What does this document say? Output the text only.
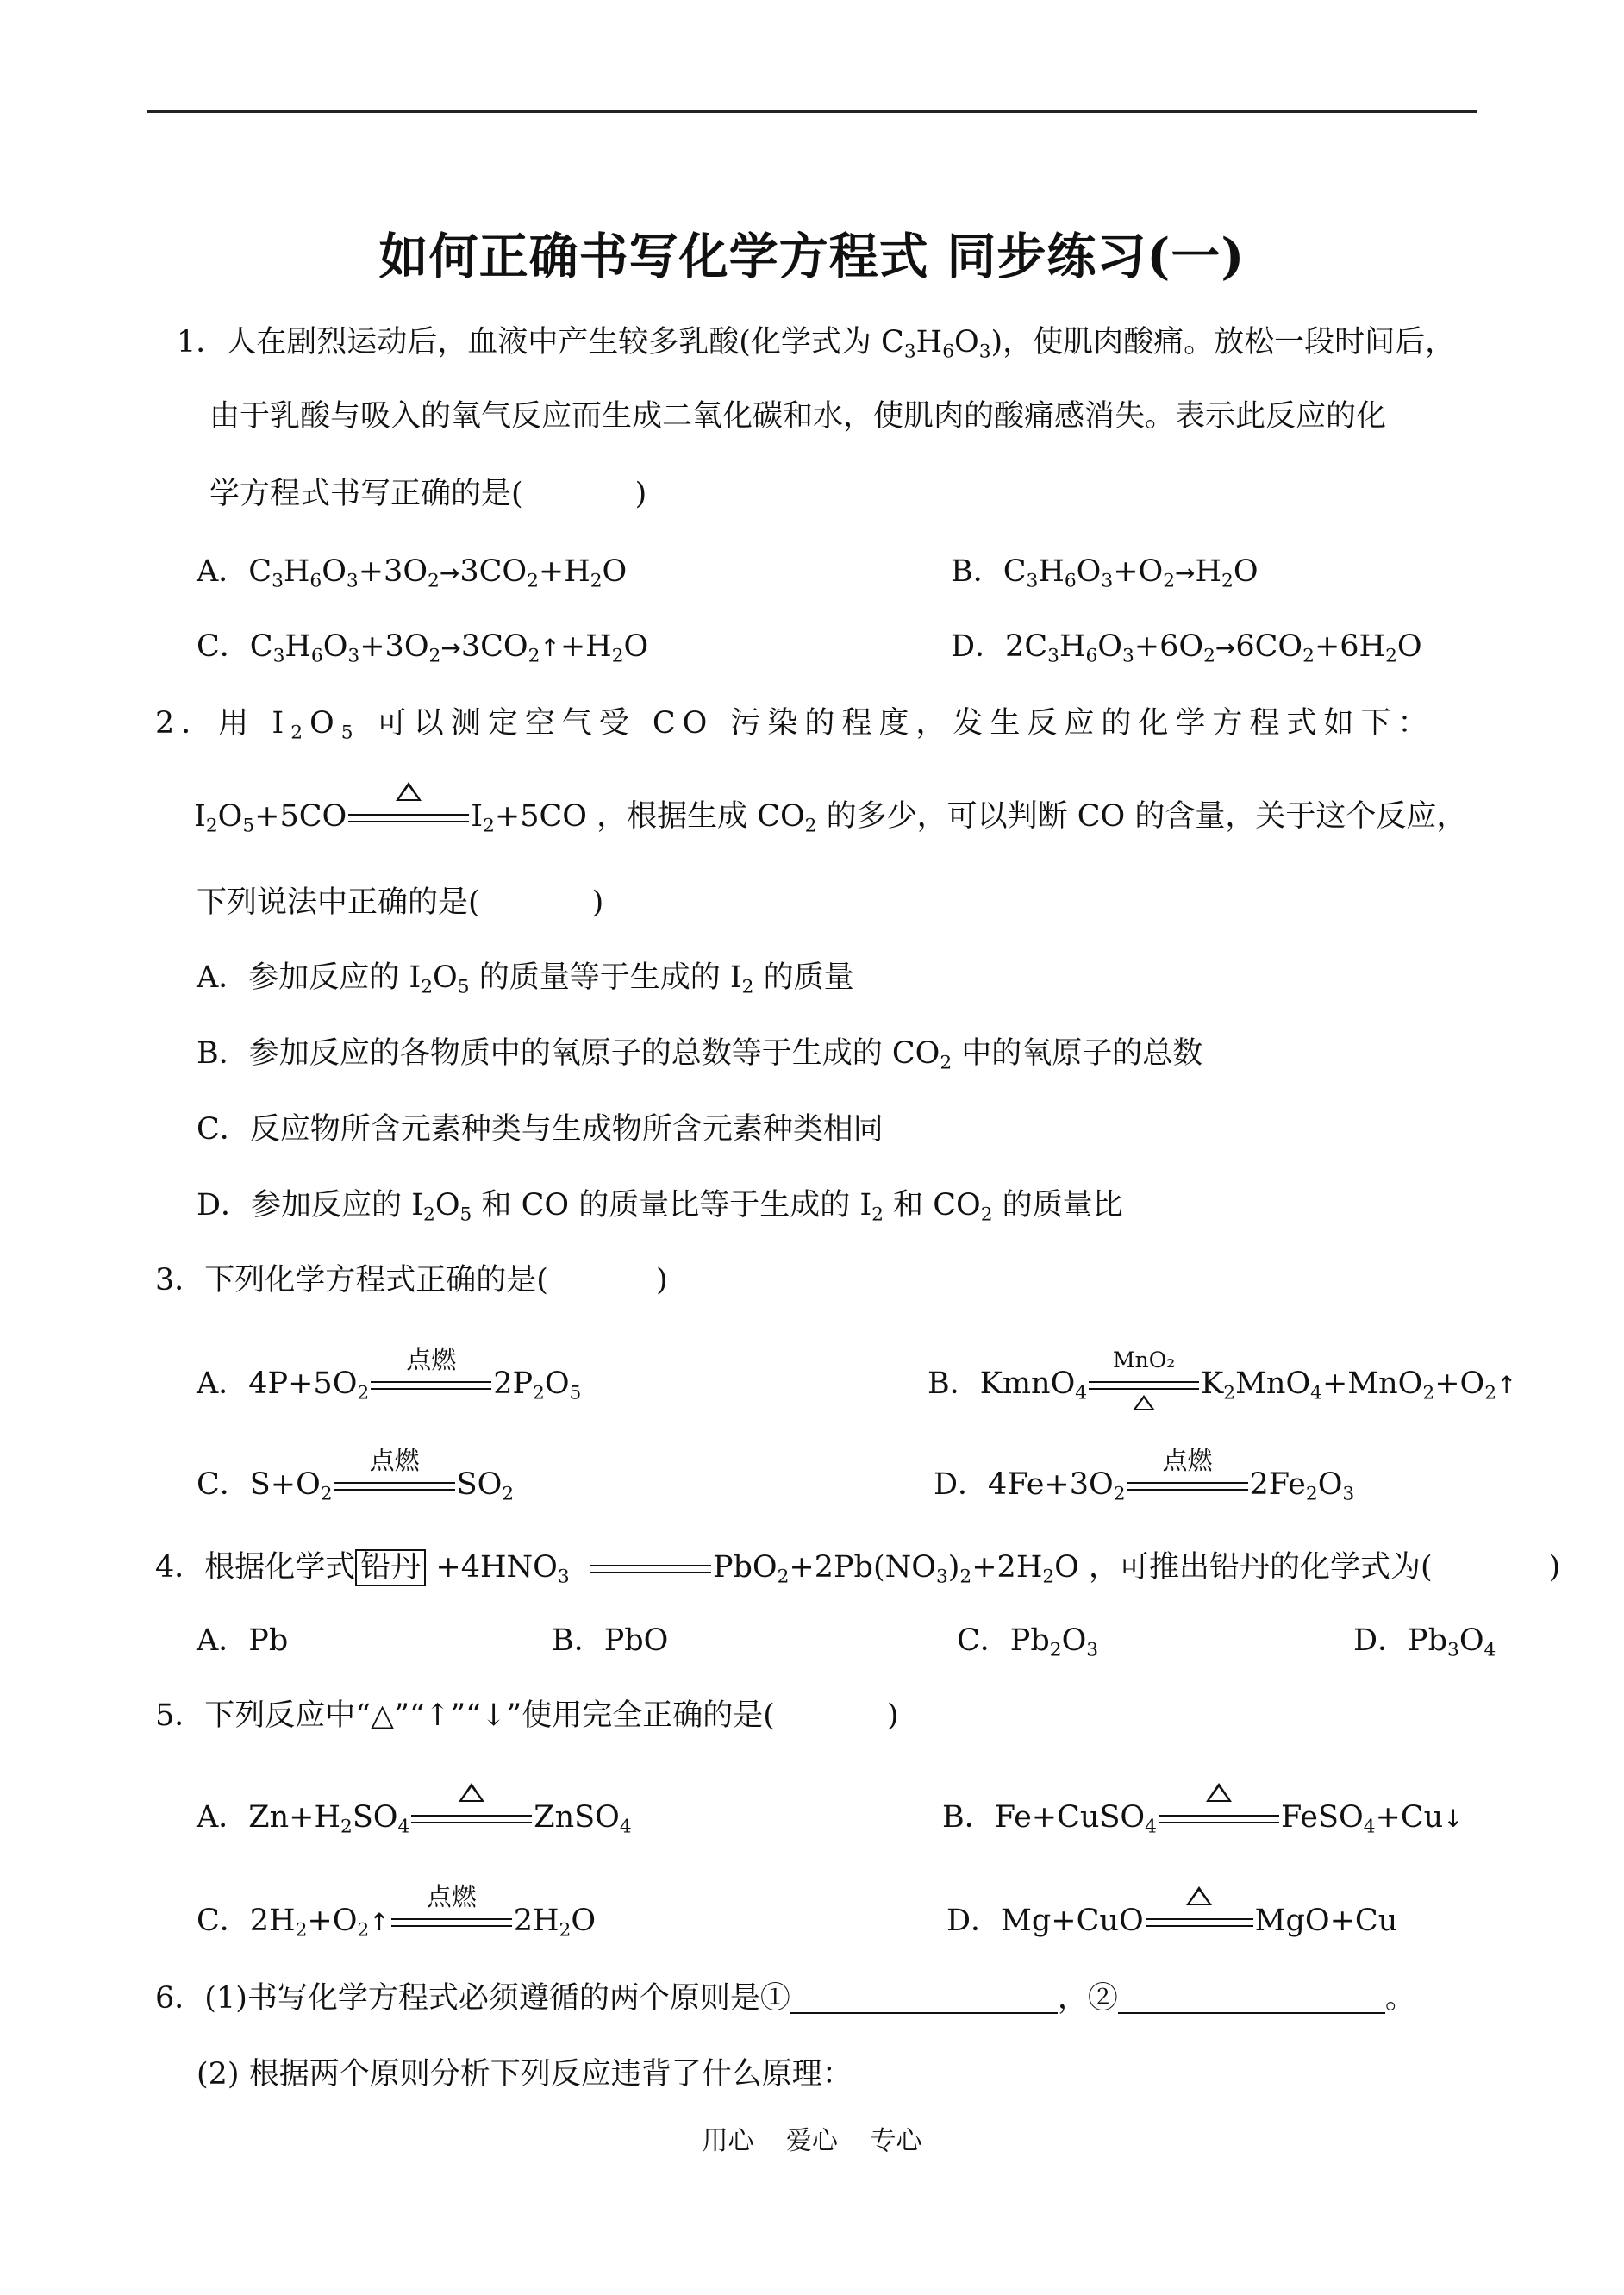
如何正确书写化学方程式 同步练习(一)
1．人在剧烈运动后，血液中产生较多乳酸(化学式为 $C_3H_6O_3$)，使肌肉酸痛。放松一段时间后，
由于乳酸与吸入的氧气反应而生成二氧化碳和水，使肌肉的酸痛感消失。表示此反应的化
学方程式书写正确的是(	)
A．$C_3H_6O_3+3O_2\to 3CO_2+H_2O$	B．$C_3H_6O_3+O_2\to H_2O$
C．$C_3H_6O_3+3O_2\to 3CO_2↑+H_2O$	D．$2C_3H_6O_3+6O_2\to 6CO_2+6H_2O$
2．用 $I_2O_5$ 可以测定空气受 CO 污染的程度，发生反应的化学方程式如下：
$I_2O_5+5CO$	$I_2+5CO$ ，根据生成 $CO_2$ 的多少，可以判断 CO 的含量，关于这个反应，
下列说法中正确的是(	)
A．参加反应的 $I_2O_5$ 的质量等于生成的 $I_2$ 的质量
B．参加反应的各物质中的氧原子的总数等于生成的 $CO_2$ 中的氧原子的总数
C．反应物所含元素种类与生成物所含元素种类相同
D．参加反应的 $I_2O_5$ 和 CO 的质量比等于生成的 $I_2$ 和 $CO_2$ 的质量比
3．下列化学方程式正确的是(	)
A．$4P+5O_2$
点燃
$2P_2O_5$	B．KmnO$_4$
MnO₂
$K_2MnO_4+MnO_2+O_2↑$
C．$S+O_2$
点燃
$SO_2$	D．$4Fe+3O_2$
点燃
$2Fe_2O_3$
4．根据化学式 铅丹 $+4HNO_3$	$PbO_2+2Pb(NO_3)_2+2H_2O$ ，可推出铅丹的化学式为(	)
A．Pb	B．PbO	C．$Pb_2O_3$	D．$Pb_3O_4$
5．下列反应中“△”“↑”“↓”使用完全正确的是(	)
A．$Zn+H_2SO_4$	ZnSO$_4$	B．Fe+CuSO$_4$	FeSO$_4$+Cu↓
C．$2H_2+O_2↑$
点燃
$2H_2O$	D．Mg+CuO	MgO+Cu
6．(1)书写化学方程式必须遵循的两个原则是①	，②	。
(2) 根据两个原则分析下列反应违背了什么原理：
用心 爱心 专心
